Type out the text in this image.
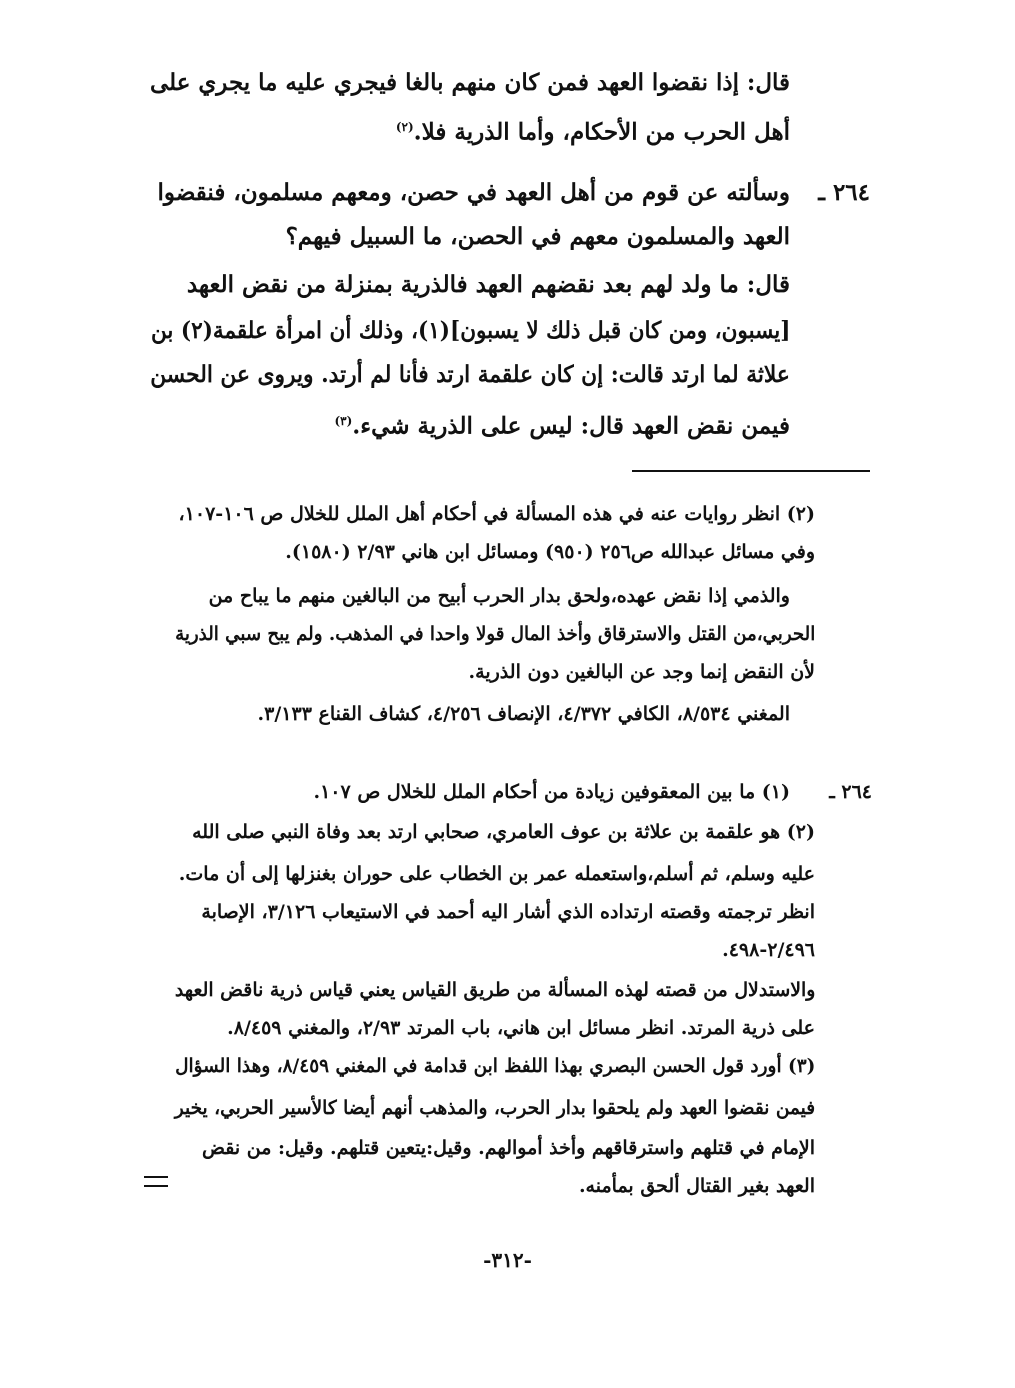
قال: إذا نقضوا العهد فمن كان منهم بالغا فيجري عليه ما يجري على
أهل الحرب من الأحكام، وأما الذرية فلا.$^{(٢)}$
٢٦٤ ـ
وسألته عن قوم من أهل العهد في حصن، ومعهم مسلمون، فنقضوا
العهد والمسلمون معهم في الحصن، ما السبيل فيهم؟
قال: ما ولد لهم بعد نقضهم العهد فالذرية بمنزلة من نقض العهد
[يسبون، ومن كان قبل ذلك لا يسبون](١)، وذلك أن امرأة علقمة(٢) بن
علاثة لما ارتد قالت: إن كان علقمة ارتد فأنا لم أرتد. ويروى عن الحسن
فيمن نقض العهد قال: ليس على الذرية شيء.$^{(٣)}$
(٢) انظر روايات عنه في هذه المسألة في أحكام أهل الملل للخلال ص ١٠٦-١٠٧،
وفي مسائل عبدالله ص٢٥٦ (٩٥٠) ومسائل ابن هاني ٢/٩٣ (١٥٨٠).
والذمي إذا نقض عهده،ولحق بدار الحرب أبيح من البالغين منهم ما يباح من
الحربي،من القتل والاسترقاق وأخذ المال قولا واحدا في المذهب. ولم يبح سبي الذرية
لأن النقض إنما وجد عن البالغين دون الذرية.
المغني ٨/٥٣٤، الكافي ٤/٣٧٢، الإنصاف ٤/٢٥٦، كشاف القناع ٣/١٣٣.
٢٦٤ ـ
(١) ما بين المعقوفين زيادة من أحكام الملل للخلال ص ١٠٧.
(٢) هو علقمة بن علاثة بن عوف العامري، صحابي ارتد بعد وفاة النبي صلى الله
عليه وسلم، ثم أسلم،واستعمله عمر بن الخطاب على حوران بغنزلها إلى أن مات.
انظر ترجمته وقصته ارتداده الذي أشار اليه أحمد في الاستيعاب ٣/١٢٦، الإصابة
٢/٤٩٦-٤٩٨.
والاستدلال من قصته لهذه المسألة من طريق القياس يعني قياس ذرية ناقض العهد
على ذرية المرتد. انظر مسائل ابن هاني، باب المرتد ٢/٩٣، والمغني ٨/٤٥٩.
(٣) أورد قول الحسن البصري بهذا اللفظ ابن قدامة في المغني ٨/٤٥٩، وهذا السؤال
فيمن نقضوا العهد ولم يلحقوا بدار الحرب، والمذهب أنهم أيضا كالأسير الحربي، يخير
الإمام في قتلهم واسترقاقهم وأخذ أموالهم. وقيل:يتعين قتلهم. وقيل: من نقض
العهد بغير القتال ألحق بمأمنه.
-٣١٢-
